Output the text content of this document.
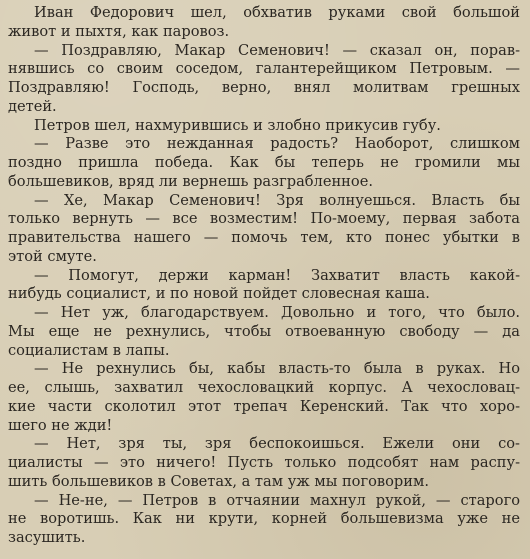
Иван Федорович шел, обхватив руками свой большой
живот и пыхтя, как паровоз.
— Поздравляю, Макар Семенович! — сказал он, порав-
нявшись со своим соседом, галантерейщиком Петровым. —
Поздравляю! Господь, верно, внял молитвам грешных
детей.
Петров шел, нахмурившись и злобно прикусив губу.
— Разве это нежданная радость? Наоборот, слишком
поздно пришла победа. Как бы теперь не громили мы
большевиков, вряд ли вернешь разграбленное.
— Хе, Макар Семенович! Зря волнуешься. Власть бы
только вернуть — все возместим! По-моему, первая забота
правительства нашего — помочь тем, кто понес убытки в
этой смуте.
— Помогут, держи карман! Захватит власть какой-
нибудь социалист, и по новой пойдет словесная каша.
— Нет уж, благодарствуем. Довольно и того, что было.
Мы еще не рехнулись, чтобы отвоеванную свободу — да
социалистам в лапы.
— Не рехнулись бы, кабы власть-то была в руках. Но
ее, слышь, захватил чехословацкий корпус. А чехословац-
кие части сколотил этот трепач Керенский. Так что хоро-
шего не жди!
— Нет, зря ты, зря беспокоишься. Ежели они со-
циалисты — это ничего! Пусть только подсобят нам распу-
шить большевиков в Советах, а там уж мы поговорим.
— Не-не, — Петров в отчаянии махнул рукой, — старого
не воротишь. Как ни крути, корней большевизма уже не
засушить.
